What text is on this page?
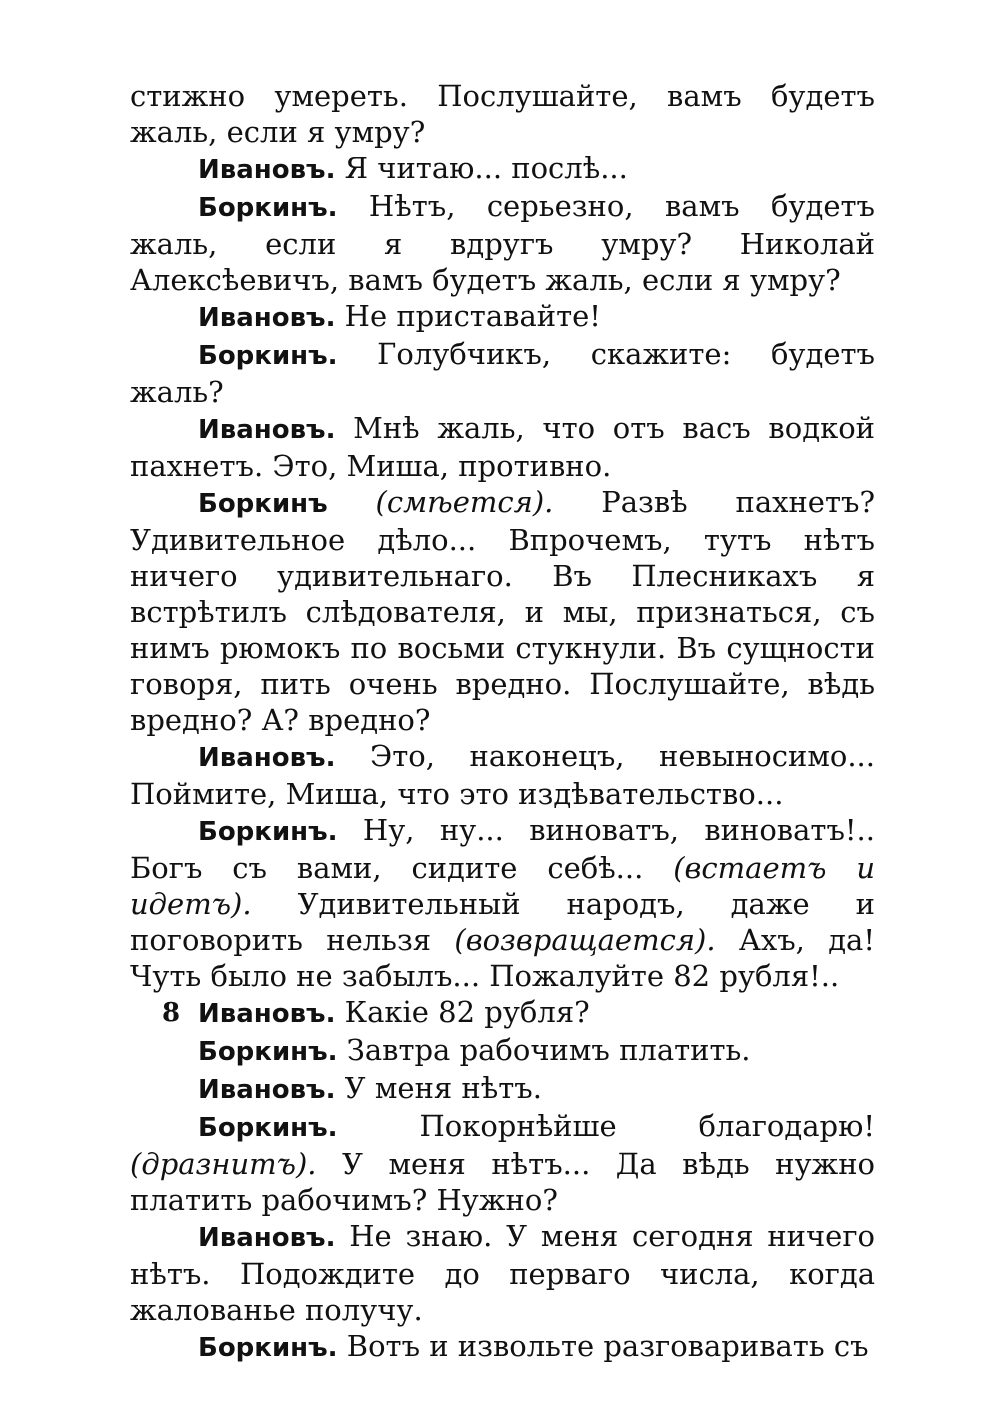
стижно умереть. Послушайте, вамъ будетъ жаль, если я умру?

Ивановъ. Я читаю... послѣ...

Боркинъ. Нѣтъ, серьезно, вамъ будетъ жаль, если я вдругъ умру? Николай Алексѣевичъ, вамъ будетъ жаль, если я умру?

Ивановъ. Не приставайте!

Боркинъ. Голубчикъ, скажите: будетъ жаль?

Ивановъ. Мнѣ жаль, что отъ васъ водкой пахнетъ. Это, Миша, противно.

Боркинъ (смѣется). Развѣ пахнетъ? Удивительное дѣло... Впрочемъ, тутъ нѣтъ ничего удивительнаго. Въ Плесникахъ я встрѣтилъ слѣдователя, и мы, признаться, съ нимъ рюмокъ по восьми стукнули. Въ сущности говоря, пить очень вредно. Послушайте, вѣдь вредно? А? вредно?

Ивановъ. Это, наконецъ, невыносимо... Поймите, Миша, что это издѣвательство...

Боркинъ. Ну, ну... виноватъ, виноватъ!.. Богъ съ вами, сидите себѣ... (встаетъ и идетъ). Удивительный народъ, даже и поговорить нельзя (возвращается). Ахъ, да! Чуть было не забылъ... Пожалуйте 82 рубля!..

Ивановъ. Какіе 82 рубля?

Боркинъ. Завтра рабочимъ платить.

Ивановъ. У меня нѣтъ.

Боркинъ. Покорнѣйше благодарю! (дразнитъ). У меня нѣтъ... Да вѣдь нужно платить рабочимъ? Нужно?

Ивановъ. Не знаю. У меня сегодня ничего нѣтъ. Подождите до перваго числа, когда жалованье получу.

Боркинъ. Вотъ и извольте разговаривать съ

8
